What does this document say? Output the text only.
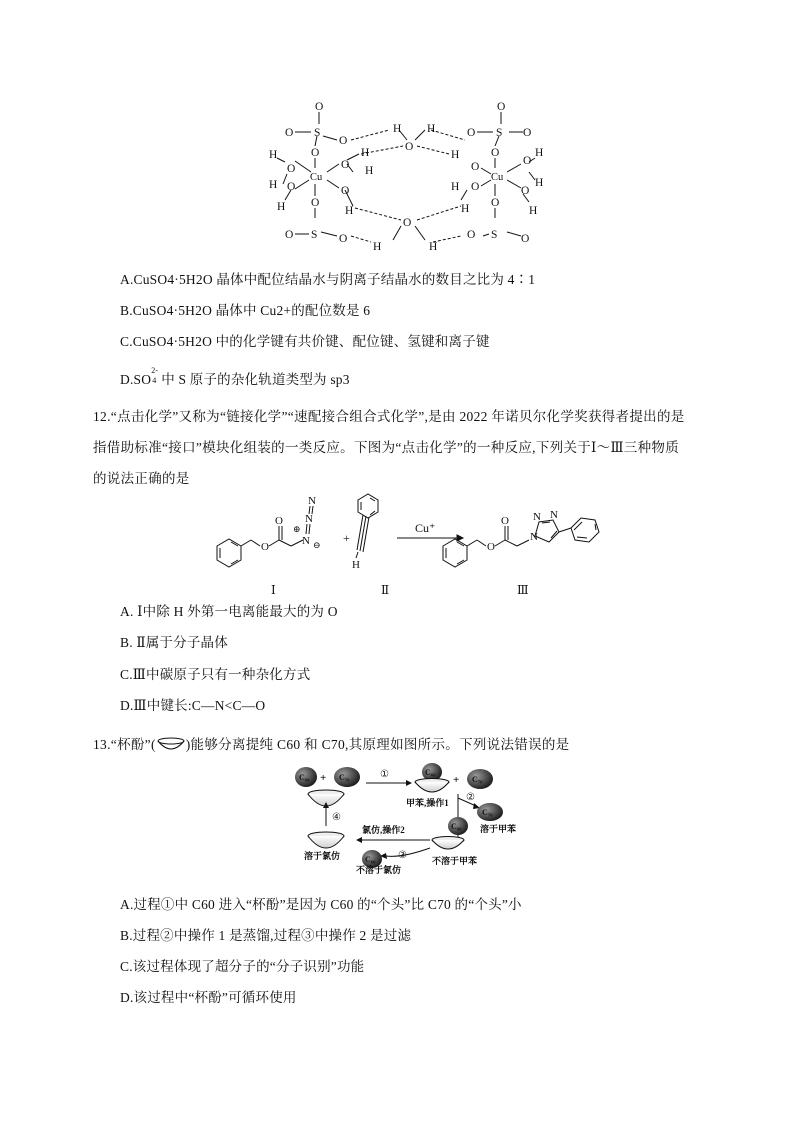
O
O S
O
O
H
O
H O
H
Cu
O
H
H
O
H
O
O S O
H
O
H
O
H	H
O
O S O
O
H
O
H O
H
Cu
O
H
H
O
H
O
O S O
A.CuSO4·5H2O 晶体中配位结晶水与阴离子结晶水的数目之比为 4∶1
B.CuSO4·5H2O 晶体中 Cu2+的配位数是 6
C.CuSO4·5H2O 中的化学键有共价键、配位键、氢键和离子键
D.SO
2-
4 中 S 原子的杂化轨道类型为 sp3
12.“点击化学”又称为“链接化学”“速配接合组合式化学”,是由 2022 年诺贝尔化学奖获得者提出的是
指借助标准“接口”模块化组装的一类反应。下图为“点击化学”的一种反应,下列关于Ⅰ～Ⅲ三种物质
的说法正确的是
O
O
N
N
N
⊕
⊖
H
O
O
N
N N
+
Cu⁺
Ⅰ	Ⅱ	Ⅲ
A. Ⅰ中除 H 外第一电离能最大的为 O
B. Ⅱ属于分子晶体
C.Ⅲ中碳原子只有一种杂化方式
D.Ⅲ中键长:C—N<C—O
13.“杯酚”( )能够分离提纯 C60 和 C70,其原理如图所示。下列说法错误的是
C₆₀ + C₇₀
C₆₀
+ C₇₀
C₇₀
C₆₀
C₆₀
①
②
③
④
甲苯,操作1
氯仿,操作2	溶于甲苯
不溶于甲苯
溶于氯仿
不溶于氯仿
A.过程①中 C60 进入“杯酚”是因为 C60 的“个头”比 C70 的“个头”小
B.过程②中操作 1 是蒸馏,过程③中操作 2 是过滤
C.该过程体现了超分子的“分子识别”功能
D.该过程中“杯酚”可循环使用
